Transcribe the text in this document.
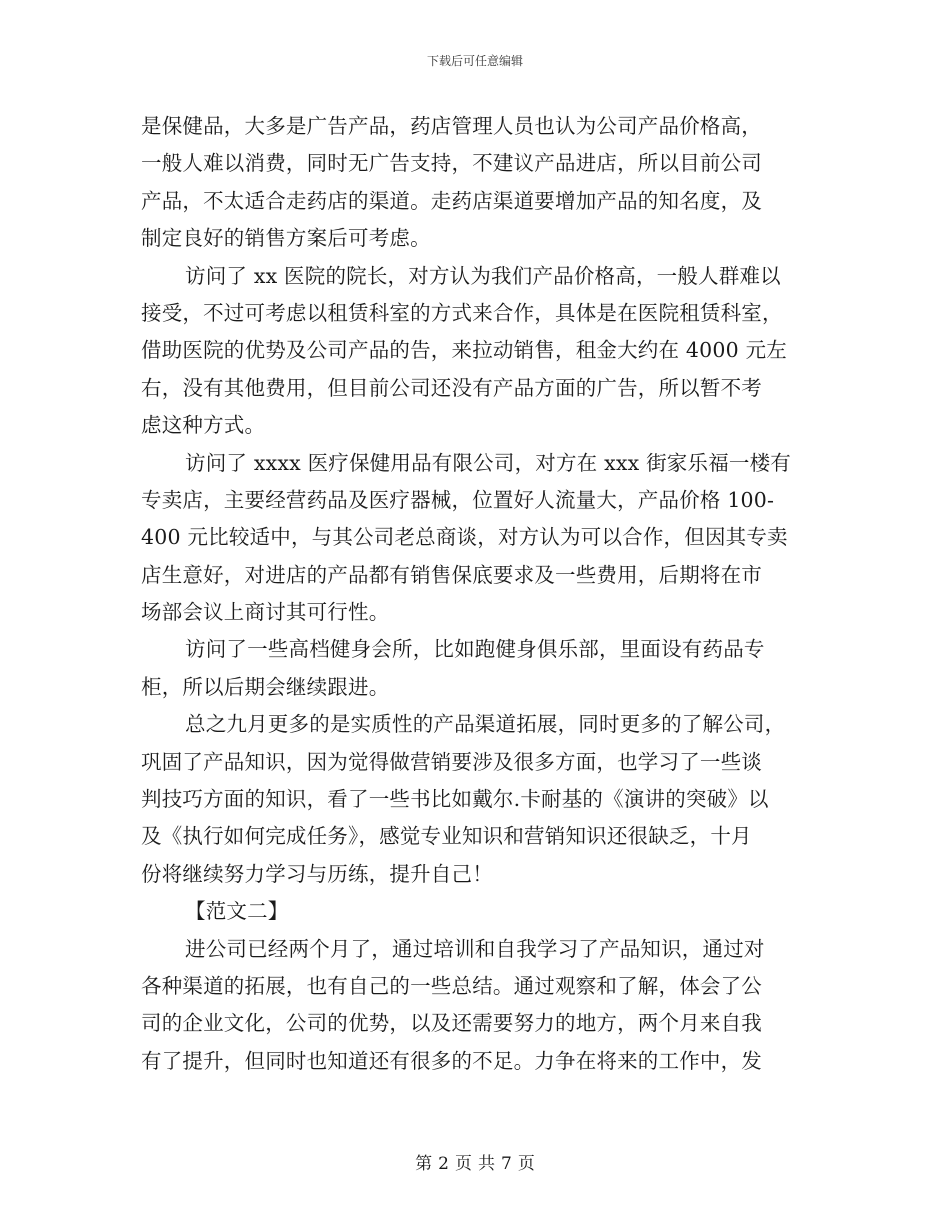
下载后可任意编辑
是保健品，大多是广告产品，药店管理人员也认为公司产品价格高，
一般人难以消费，同时无广告支持，不建议产品进店，所以目前公司
产品，不太适合走药店的渠道。走药店渠道要增加产品的知名度，及
制定良好的销售方案后可考虑。
访问了 xx 医院的院长，对方认为我们产品价格高，一般人群难以
接受，不过可考虑以租赁科室的方式来合作，具体是在医院租赁科室，
借助医院的优势及公司产品的告，来拉动销售，租金大约在 4000 元左
右，没有其他费用，但目前公司还没有产品方面的广告，所以暂不考
虑这种方式。
访问了 xxxx 医疗保健用品有限公司，对方在 xxx 街家乐福一楼有
专卖店，主要经营药品及医疗器械，位置好人流量大，产品价格 100-
400 元比较适中，与其公司老总商谈，对方认为可以合作，但因其专卖
店生意好，对进店的产品都有销售保底要求及一些费用，后期将在市
场部会议上商讨其可行性。
访问了一些高档健身会所，比如跑健身俱乐部，里面设有药品专
柜，所以后期会继续跟进。
总之九月更多的是实质性的产品渠道拓展，同时更多的了解公司，
巩固了产品知识，因为觉得做营销要涉及很多方面，也学习了一些谈
判技巧方面的知识，看了一些书比如戴尔.卡耐基的《演讲的突破》以
及《执行如何完成任务》，感觉专业知识和营销知识还很缺乏，十月
份将继续努力学习与历练，提升自己！
【范文二】
进公司已经两个月了，通过培训和自我学习了产品知识，通过对
各种渠道的拓展，也有自己的一些总结。通过观察和了解，体会了公
司的企业文化，公司的优势，以及还需要努力的地方，两个月来自我
有了提升，但同时也知道还有很多的不足。力争在将来的工作中，发
第 2 页 共 7 页
